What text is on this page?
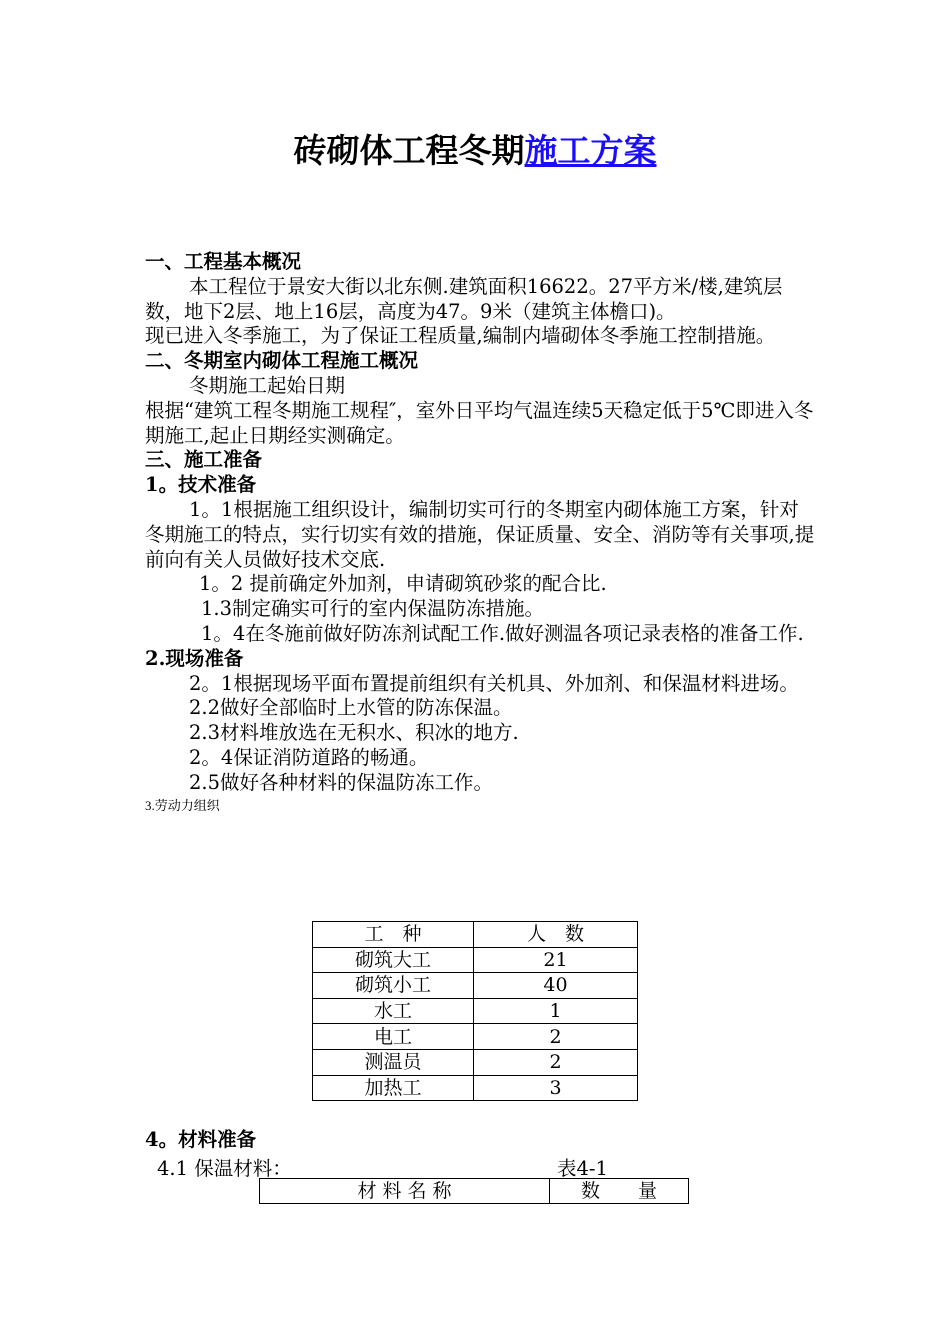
砖砌体工程冬期施工方案

一、工程基本概况

本工程位于景安大街以北东侧.建筑面积16622。27平方米/楼,建筑层数，地下2层、地上16层，高度为47。9米（建筑主体檐口)。

现已进入冬季施工，为了保证工程质量,编制内墙砌体冬季施工控制措施。

二、冬期室内砌体工程施工概况

冬期施工起始日期

根据“建筑工程冬期施工规程″，室外日平均气温连续5天稳定低于5℃即进入冬期施工,起止日期经实测确定。

三、施工准备

1。技术准备

1。1根据施工组织设计，编制切实可行的冬期室内砌体施工方案，针对冬期施工的特点，实行切实有效的措施，保证质量、安全、消防等有关事项,提前向有关人员做好技术交底.

1。2 提前确定外加剂，申请砌筑砂浆的配合比.

1.3制定确实可行的室内保温防冻措施。

1。4在冬施前做好防冻剂试配工作.做好测温各项记录表格的准备工作.

2.现场准备

2。1根据现场平面布置提前组织有关机具、外加剂、和保温材料进场。

2.2做好全部临时上水管的防冻保温。

2.3材料堆放选在无积水、积冰的地方.

2。4保证消防道路的畅通。

2.5做好各种材料的保温防冻工作。

3.劳动力组织

工　种	人　数
砌筑大工	21
砌筑小工	40
水工	1
电工	2
测温员	2
加热工	3

4。材料准备

4.1 保温材料：	表4-1
材 料 名 称	数　　量
